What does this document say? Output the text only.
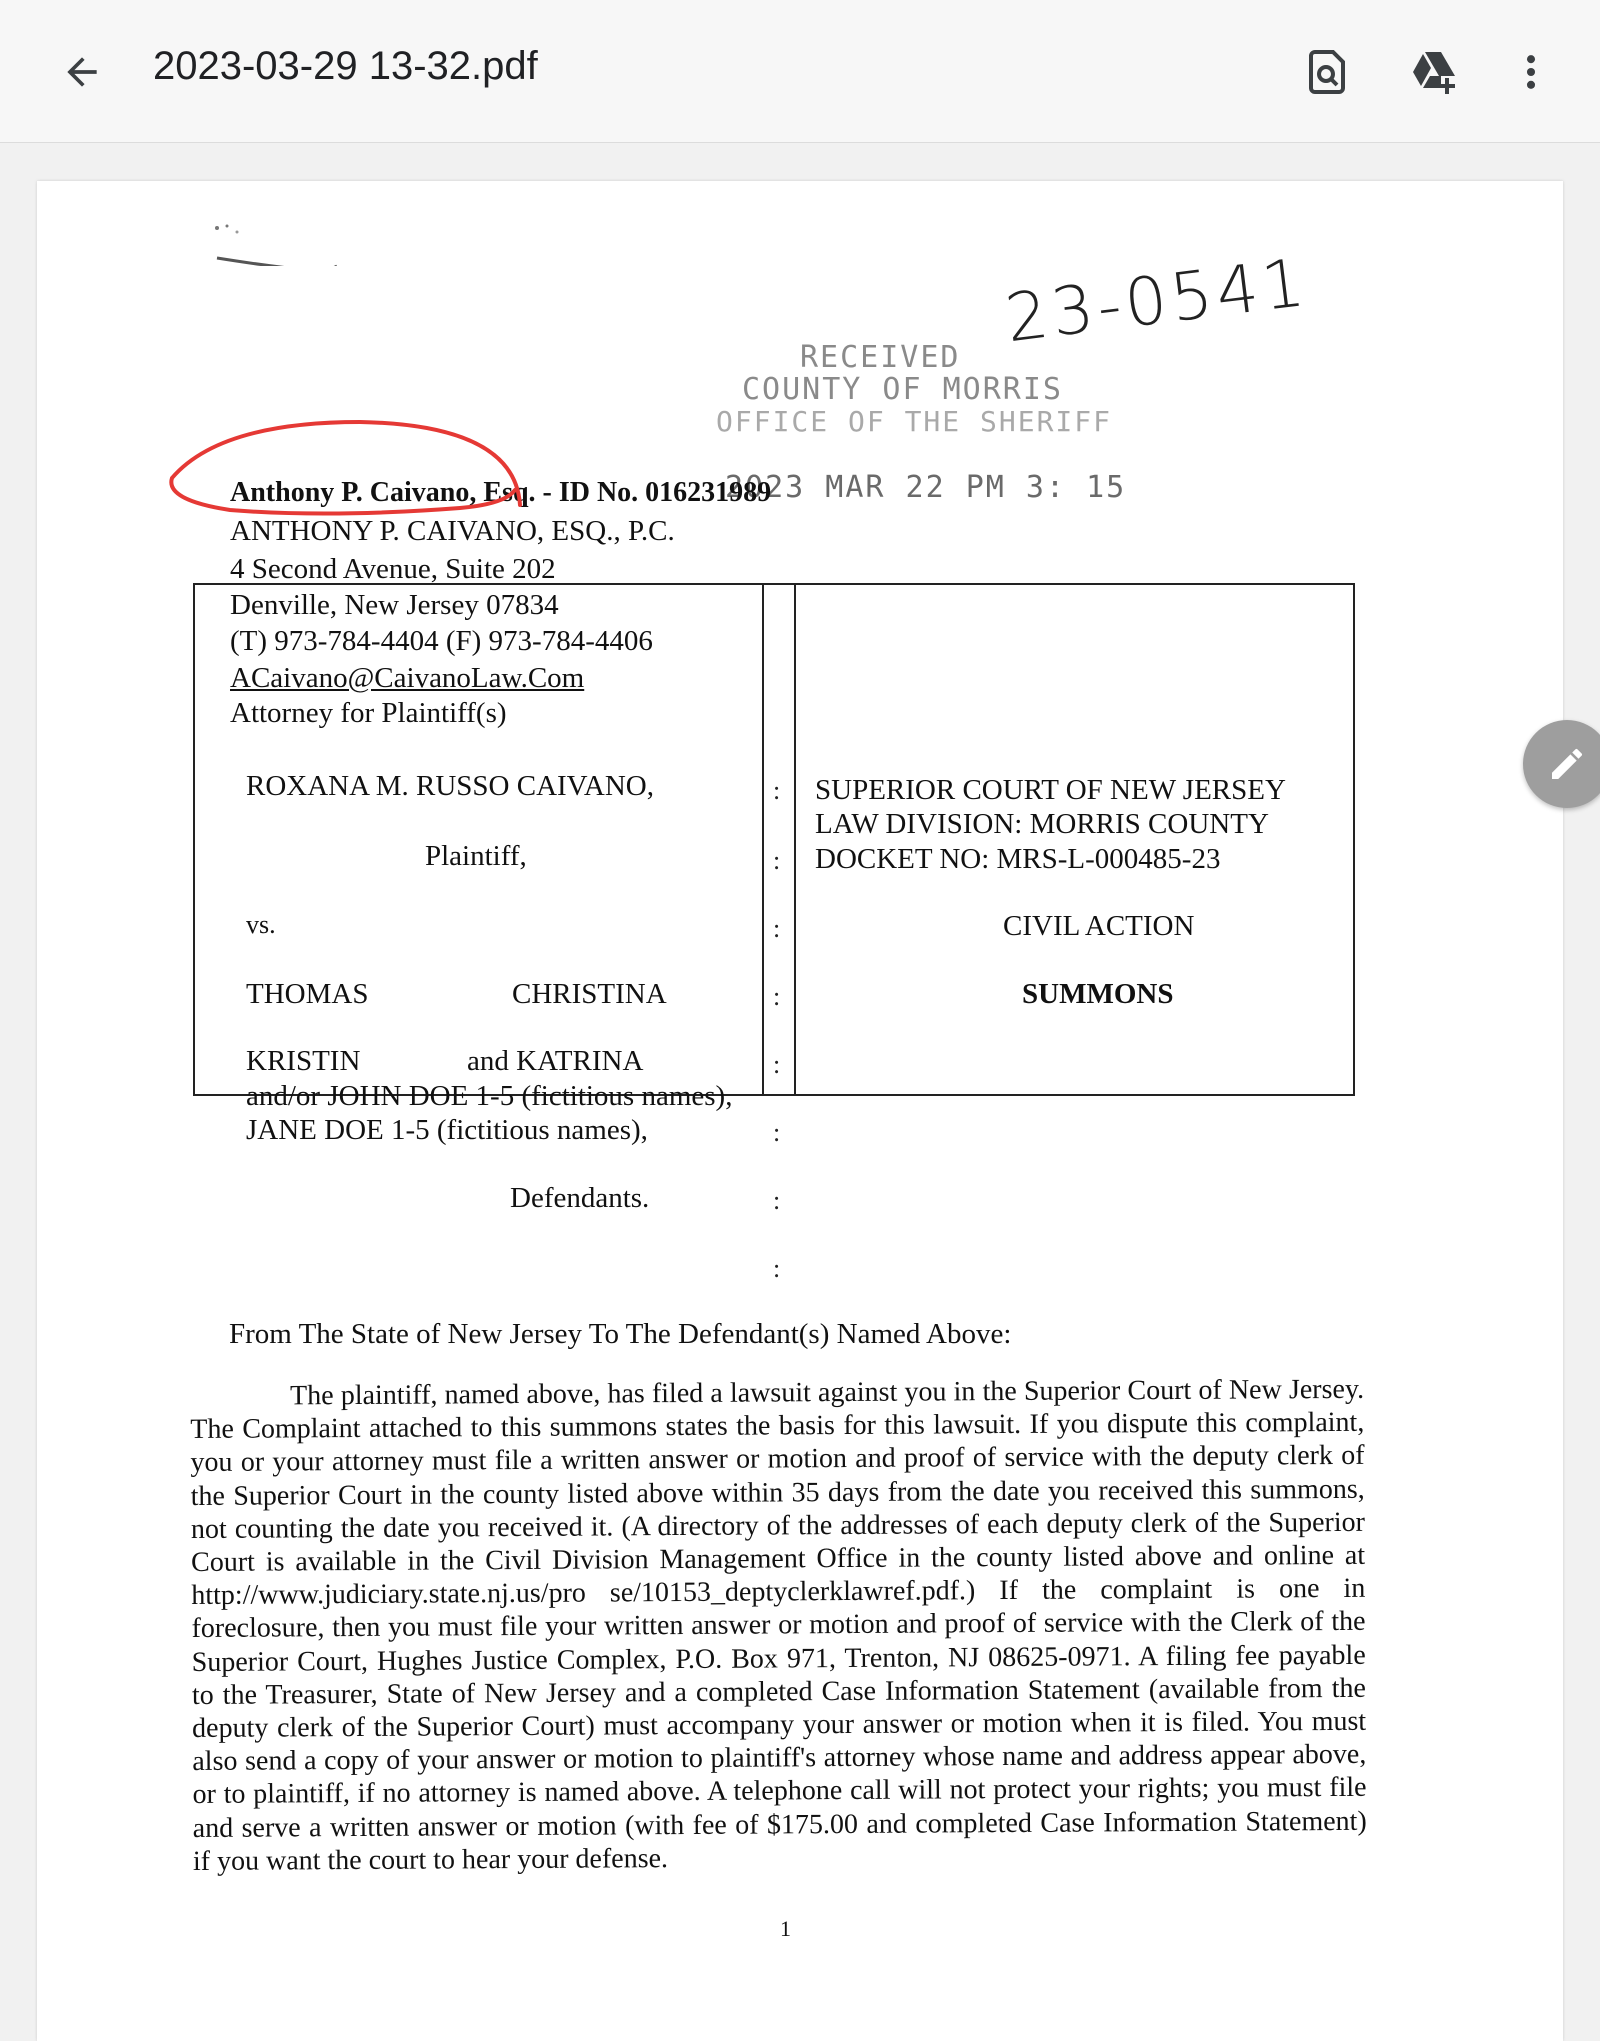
2023-03-29 13-32.pdf
23-0541
RECEIVED
COUNTY OF MORRIS
OFFICE OF THE SHERIFF
2023 MAR 22 PM 3: 15
Anthony P. Caivano, Esq. - ID No. 016231989
ANTHONY P. CAIVANO, ESQ., P.C.
4 Second Avenue, Suite 202
Denville, New Jersey 07834
(T) 973-784-4404 (F) 973-784-4406
ACaivano@CaivanoLaw.Com
Attorney for Plaintiff(s)
ROXANA M. RUSSO CAIVANO,
Plaintiff,
vs.
THOMAS	CHRISTINA
KRISTIN	and KATRINA
and/or JOHN DOE 1-5 (fictitious names),
JANE DOE 1-5 (fictitious names),
Defendants.
:
:
:
:
:
:
:
:
SUPERIOR COURT OF NEW JERSEY
LAW DIVISION: MORRIS COUNTY
DOCKET NO: MRS-L-000485-23
CIVIL ACTION
SUMMONS
From The State of New Jersey To The Defendant(s) Named Above:
The plaintiff, named above, has filed a lawsuit against you in the Superior Court of New Jersey. The Complaint attached to this summons states the basis for this lawsuit. If you dispute this complaint, you or your attorney must file a written answer or motion and proof of service with the deputy clerk of the Superior Court in the county listed above within 35 days from the date you received this summons, not counting the date you received it. (A directory of the addresses of each deputy clerk of the Superior Court is available in the Civil Division Management Office in the county listed above and online at http://www.judiciary.state.nj.us/pro se/10153_deptyclerklawref.pdf.) If the complaint is one in foreclosure, then you must file your written answer or motion and proof of service with the Clerk of the Superior Court, Hughes Justice Complex, P.O. Box 971, Trenton, NJ 08625-0971. A filing fee payable to the Treasurer, State of New Jersey and a completed Case Information Statement (available from the deputy clerk of the Superior Court) must accompany your answer or motion when it is filed. You must also send a copy of your answer or motion to plaintiff's attorney whose name and address appear above, or to plaintiff, if no attorney is named above. A telephone call will not protect your rights; you must file and serve a written answer or motion (with fee of $175.00 and completed Case Information Statement) if you want the court to hear your defense.
1
